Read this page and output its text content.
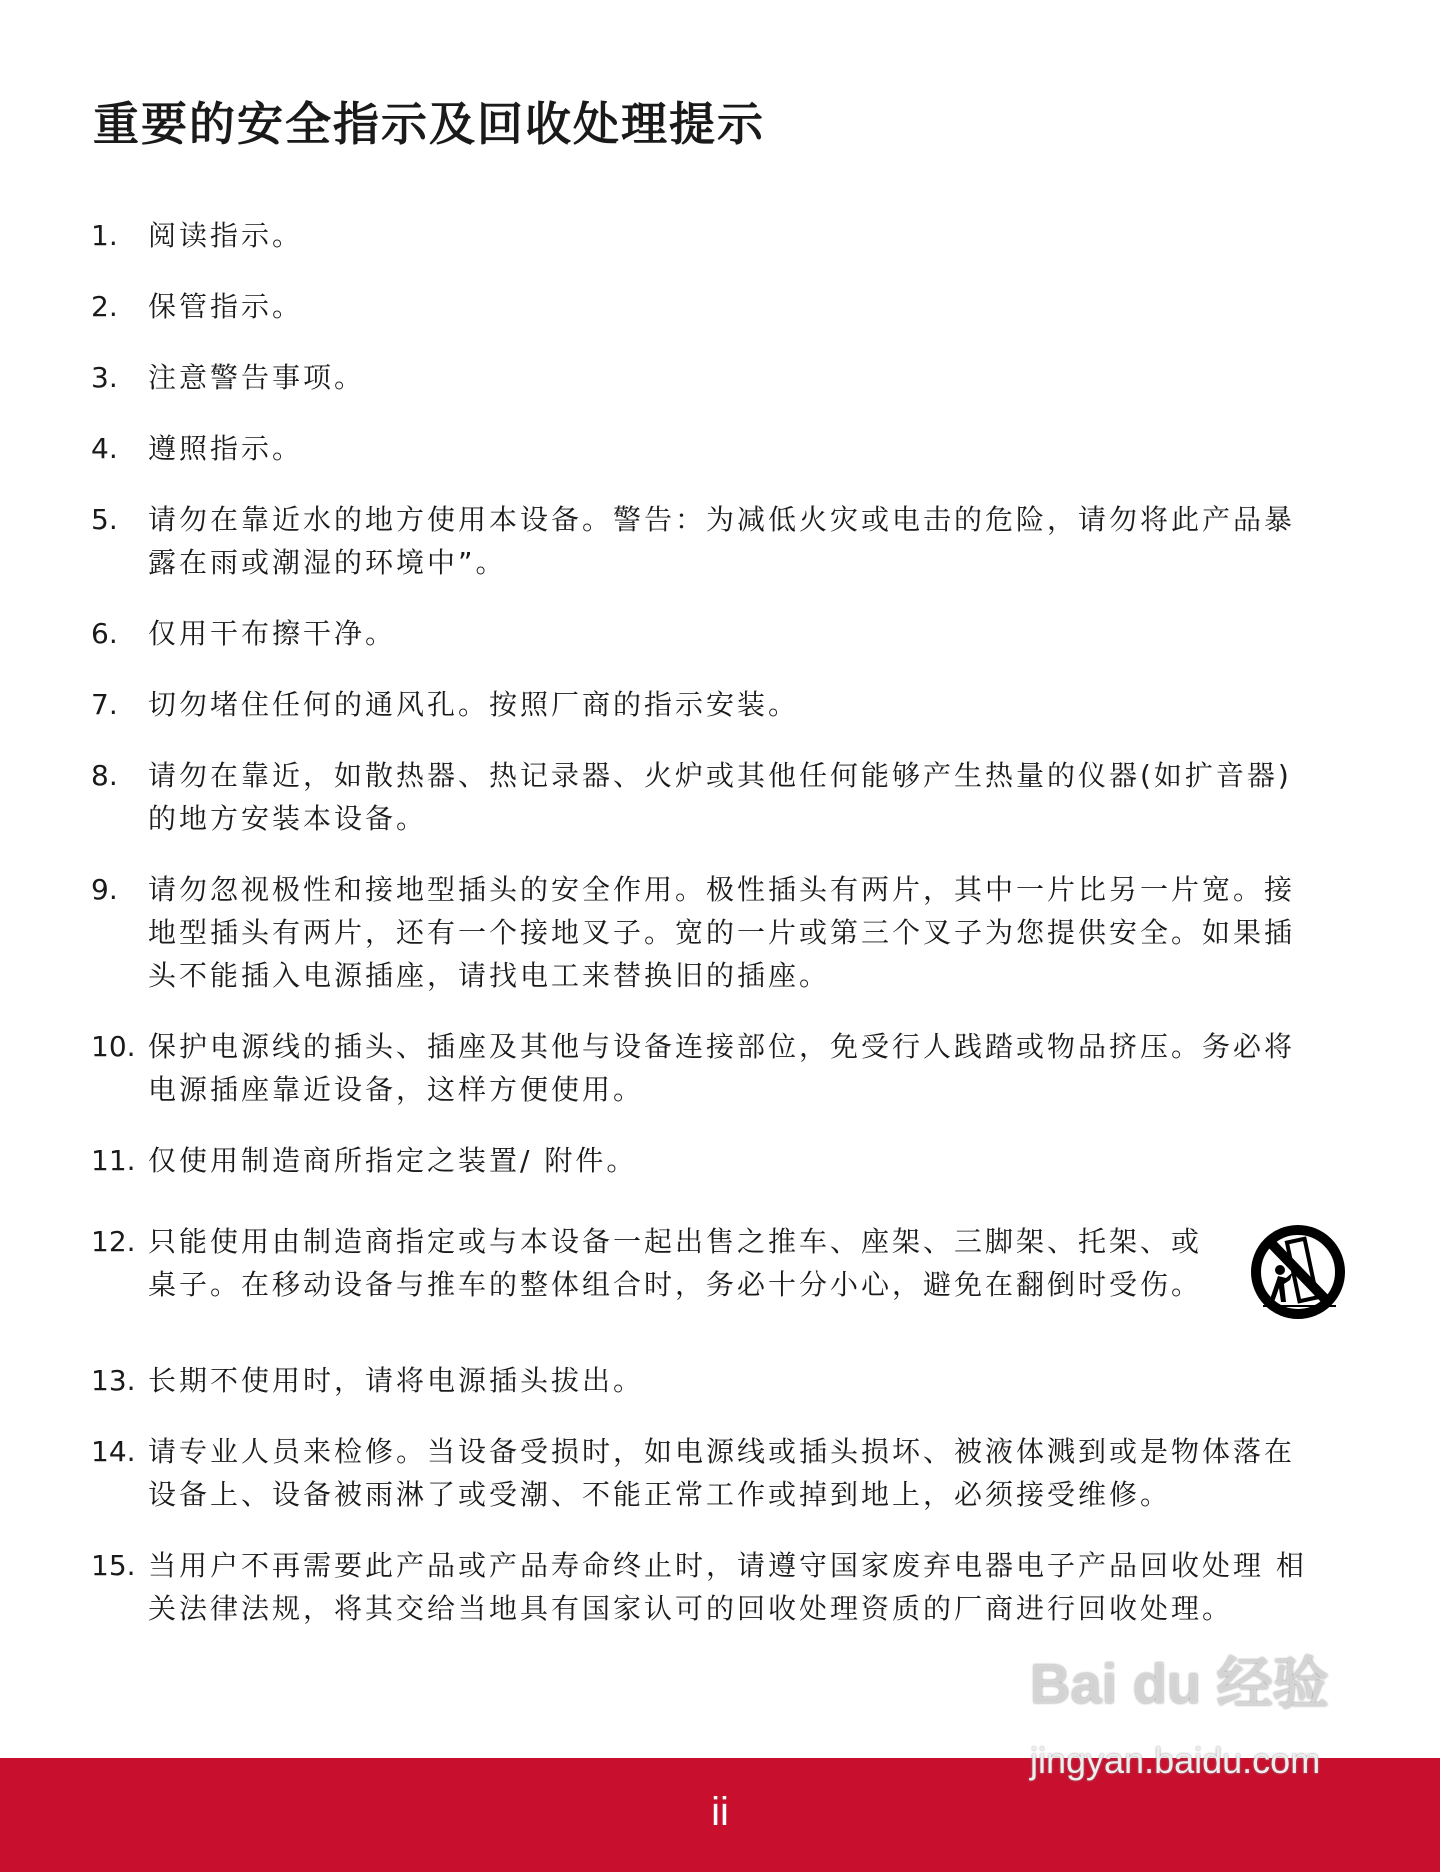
重要的安全指示及回收处理提示
1.	阅读指示。
2.	保管指示。
3.	注意警告事项。
4.	遵照指示。
5.	请勿在靠近水的地方使用本设备。警告：为减低火灾或电击的危险，请勿将此产品暴
露在雨或潮湿的环境中”。
6.	仅用干布擦干净。
7.	切勿堵住任何的通风孔。按照厂商的指示安装。
8.	请勿在靠近，如散热器、热记录器、火炉或其他任何能够产生热量的仪器(如扩音器)
的地方安装本设备。
9.	请勿忽视极性和接地型插头的安全作用。极性插头有两片，其中一片比另一片宽。接
地型插头有两片，还有一个接地叉子。宽的一片或第三个叉子为您提供安全。如果插
头不能插入电源插座，请找电工来替换旧的插座。
10. 保护电源线的插头、插座及其他与设备连接部位，免受行人践踏或物品挤压。务必将
电源插座靠近设备，这样方便使用。
11. 仅使用制造商所指定之装置/ 附件。
12. 只能使用由制造商指定或与本设备一起出售之推车、座架、三脚架、托架、或
桌子。在移动设备与推车的整体组合时，务必十分小心，避免在翻倒时受伤。
13. 长期不使用时，请将电源插头拔出。
14. 请专业人员来检修。当设备受损时，如电源线或插头损坏、被液体溅到或是物体落在
设备上、设备被雨淋了或受潮、不能正常工作或掉到地上，必须接受维修。
15. 当用户不再需要此产品或产品寿命终止时，请遵守国家废弃电器电子产品回收处理 相
关法律法规，将其交给当地具有国家认可的回收处理资质的厂商进行回收处理。
ii
Bai du 经验
jingyan.baidu.com
